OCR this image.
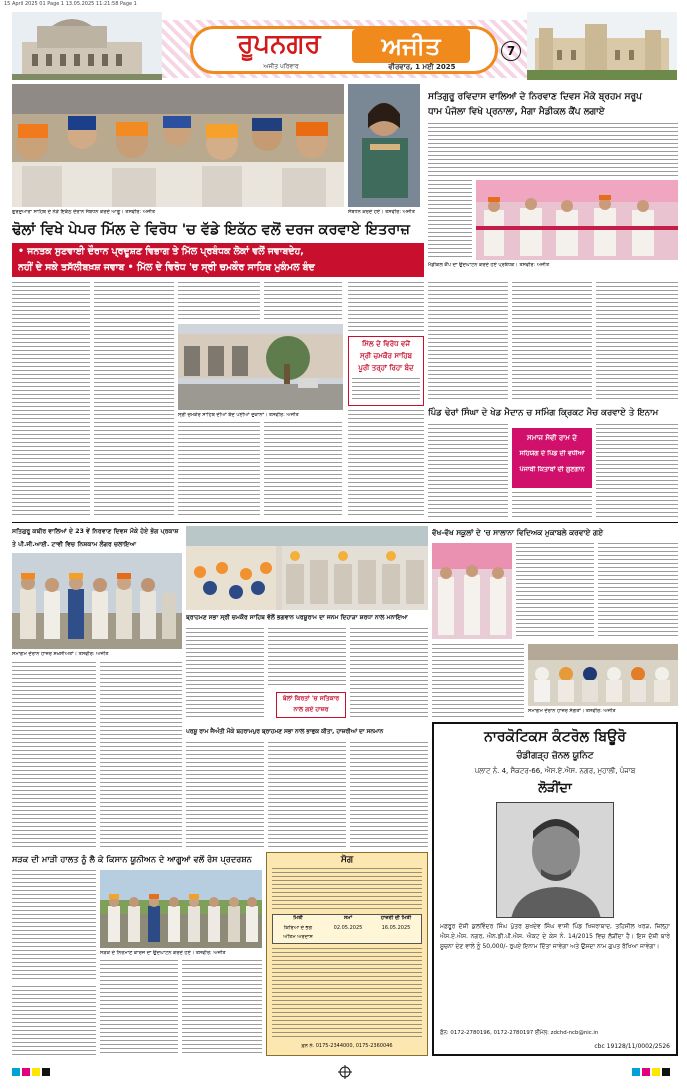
15 April 2025 01 Page 1 13.05.2025 11:21:58 Page 1
ਰੂਪਨਗਰ	ਅਜੀਤ
ਅਜੀਤ ਪਰਿਵਾਰ	ਵੀਰਵਾਰ, 1 ਮਈ 2025
7
ਗੁਰਦੁਆਰਾ ਸਾਹਿਬ ਦੇ ਨੇੜੇ ਇਕੱਠ ਦੌਰਾਨ ਸੰਬੋਧਨ ਕਰਦੇ ਆਗੂ। ਤਸਵੀਰ: ਅਜੀਤ	ਸੰਬੋਧਨ ਕਰਦੇ ਹੋਏ। ਤਸਵੀਰ: ਅਜੀਤ
ਸਤਿਗੁਰੂ ਰਵਿਦਾਸ ਵਾਲਿਆਂ ਦੇ ਨਿਰਵਾਣ ਦਿਵਸ ਮੌਕੇ ਬ੍ਰਹਮ ਸਰੂਪ
ਧਾਮ ਪੰਜੋਲਾ ਵਿਖੇ ਪ੍ਰਨਾਲਾ, ਮੈਗਾ ਮੈਡੀਕਲ ਕੈਂਪ ਲਗਾਏ
ਮੈਡੀਕਲ ਕੈਂਪ ਦਾ ਉਦਘਾਟਨ ਕਰਦੇ ਹੋਏ ਪ੍ਰਬੰਧਕ। ਤਸਵੀਰ: ਅਜੀਤ
ਢੋਲਾਂ ਵਿਖੇ ਪੇਪਰ ਮਿੱਲ ਦੇ ਵਿਰੋਧ 'ਚ ਵੱਡੇ ਇਕੱਠ ਵਲੋਂ ਦਰਜ ਕਰਵਾਏ ਇਤਰਾਜ਼
• ਜਨਤਕ ਸੁਣਵਾਈ ਦੌਰਾਨ ਪ੍ਰਦੂਸ਼ਣ ਵਿਭਾਗ ਤੇ ਮਿੱਲ ਪ੍ਰਬੰਧਕ ਲੋਕਾਂ ਵਲੋਂ ਜਵਾਬਦੇਹ,
ਨਹੀਂ ਦੇ ਸਕੇ ਤਸੱਲੀਬਖ਼ਸ਼ ਜਵਾਬ • ਮਿੱਲ ਦੇ ਵਿਰੋਧ 'ਚ ਸ੍ਰੀ ਚਮਕੌਰ ਸਾਹਿਬ ਮੁਕੰਮਲ ਬੰਦ
ਸ੍ਰੀ ਚਮਕੌਰ ਸਾਹਿਬ ਦੀਆਂ ਬੰਦ ਪਈਆਂ ਦੁਕਾਨਾਂ। ਤਸਵੀਰ: ਅਜੀਤ
ਮਿੱਲ ਦੇ ਵਿਰੋਧ ਵਜੋਂ
ਸ੍ਰੀ ਚਮਕੌਰ ਸਾਹਿਬ
ਪੂਰੀ ਤਰ੍ਹਾਂ ਰਿਹਾ ਬੰਦ
ਪਿੰਡ ਢੇਰਾਂ ਸਿੰਘਾ ਦੇ ਖੇਡ ਮੈਦਾਨ ਚ ਸਮਿੰਗ ਕ੍ਰਿਕਟ ਮੈਚ ਕਰਵਾਏ ਤੇ ਇਨਾਮ
ਸਮਾਜ ਸੇਵੀ ਰਾਮ ਦੇ
ਸਹਿਯੋਗ ਦੇ ਪਿੰਡ ਦੀ ਵਧੀਆ
ਪੰਜਾਬੀ ਕਿਤਾਬਾਂ ਦੀ ਗੁਣਗਾਨ
ਸਤਿਗੁਰੂ ਕਬੀਰ ਵਾਲਿਆਂ ਦੇ 23 ਵੇਂ ਨਿਰਵਾਣ ਦਿਵਸ ਮੌਕੇ ਹੋਏ ਭੋਗ ਪ੍ਰਕਾਸ਼
ਤੇ ਪੀ.ਜੀ.ਆਈ. ਟਾਵੀ ਵਿਚ ਨਿਸ਼ਕਾਮ ਲੰਗਰ ਚਲਾਇਆ
ਸਮਾਗਮ ਦੌਰਾਨ ਹਾਜ਼ਰ ਸ਼ਖ਼ਸੀਅਤਾਂ। ਤਸਵੀਰ: ਅਜੀਤ
ਬ੍ਰਾਹਮਣ ਸਭਾ ਸ੍ਰੀ ਚਮਕੌਰ ਸਾਹਿਬ ਵੱਲੋਂ ਭਗਵਾਨ ਪਰਸ਼ੂਰਾਮ ਦਾ ਜਨਮ ਦਿਹਾੜਾ ਸ਼ਰਧਾ ਨਾਲ ਮਨਾਇਆ
ਵੱਖ-ਵੱਖ ਸਕੂਲਾਂ ਦੇ 'ਚ ਸਾਲਾਨਾ ਵਿਦਿਅਕ ਮੁਕਾਬਲੇ ਕਰਵਾਏ ਗਏ
ਬੋਲਾਂ ਕਿਰਤਾਂ 'ਚ ਸਤਿਕਾਰ
ਨਾਲ ਗਏ ਹਾਜ਼ਰ
ਪਰਸ਼ੂ ਰਾਮ ਜੈਅੰਤੀ ਮੌਕੇ ਬਹਰਾਮਪੁਰ ਬ੍ਰਾਹਮਣ ਸਭਾ ਨਾਲ ਭਾਵੁਕ ਕੀਤਾ, ਹਾਜ਼ਰੀਆਂ ਦਾ ਸਨਮਾਨ
ਸਮਾਗਮ ਦੌਰਾਨ ਹਾਜ਼ਰ ਸੰਗਤਾਂ। ਤਸਵੀਰ: ਅਜੀਤ
ਸੜਕ ਦੀ ਮਾੜੀ ਹਾਲਤ ਨੂੰ ਲੈ ਕੇ ਕਿਸਾਨ ਯੂਨੀਅਨ ਦੇ ਆਗੂਆਂ ਵਲੋਂ ਰੋਸ ਪ੍ਰਦਰਸ਼ਨ
ਸੜਕ ਦੇ ਨਿਰਮਾਣ ਕਾਰਜ ਦਾ ਉਦਘਾਟਨ ਕਰਦੇ ਹੋਏ। ਤਸਵੀਰ: ਅਜੀਤ
ਸੋਗ
ਮਿਤੀ	ਸਮਾਂ	ਹਾਜ਼ਰੀ ਦੀ ਮਿਤੀ
ਕਿਰਿਆ ਦੇ ਭੋਗ	02.05.2025	16.05.2025
ਅੰਤਿਮ ਅਰਦਾਸ
ਫ਼ੋਨ ਨੰ. 0175-2344000, 0175-2360046
ਨਾਰਕੋਟਿਕਸ ਕੰਟਰੋਲ ਬਿਊਰੋ
ਚੰਡੀਗੜ੍ਹ ਜ਼ੋਨਲ ਯੂਨਿਟ
ਪਲਾਟ ਨੰ. 4, ਸੈਕਟਰ-66, ਐਸ.ਏ.ਐਸ. ਨਗਰ, ਮੁਹਾਲੀ, ਪੰਜਾਬ
ਲੋੜੀਂਦਾ
ਮਫ਼ਰੂਰ ਦੋਸ਼ੀ ਕੁਲਵਿੰਦਰ ਸਿੰਘ ਪੁੱਤਰ ਸੁਖਦੇਵ ਸਿੰਘ ਵਾਸੀ ਪਿੰਡ ਖਿਜ਼ਰਾਬਾਦ, ਤਹਿਸੀਲ ਖਰੜ, ਜ਼ਿਲ੍ਹਾ ਐਸ.ਏ.ਐਸ. ਨਗਰ, ਐਨ.ਡੀ.ਪੀ.ਐਸ. ਐਕਟ ਦੇ ਕੇਸ ਨੰ. 14/2015 ਵਿਚ ਲੋੜੀਂਦਾ ਹੈ। ਇਸ ਦੋਸ਼ੀ ਬਾਰੇ ਸੂਚਨਾ ਦੇਣ ਵਾਲੇ ਨੂੰ 50,000/- ਰੁਪਏ ਇਨਾਮ ਦਿੱਤਾ ਜਾਵੇਗਾ ਅਤੇ ਉਸਦਾ ਨਾਮ ਗੁਪਤ ਰੱਖਿਆ ਜਾਵੇਗਾ।
ਫ਼ੋਨ: 0172-2780196, 0172-2780197 ਈਮੇਲ: zdchd-ncb@nic.in
cbc 19128/11/0002/2526
